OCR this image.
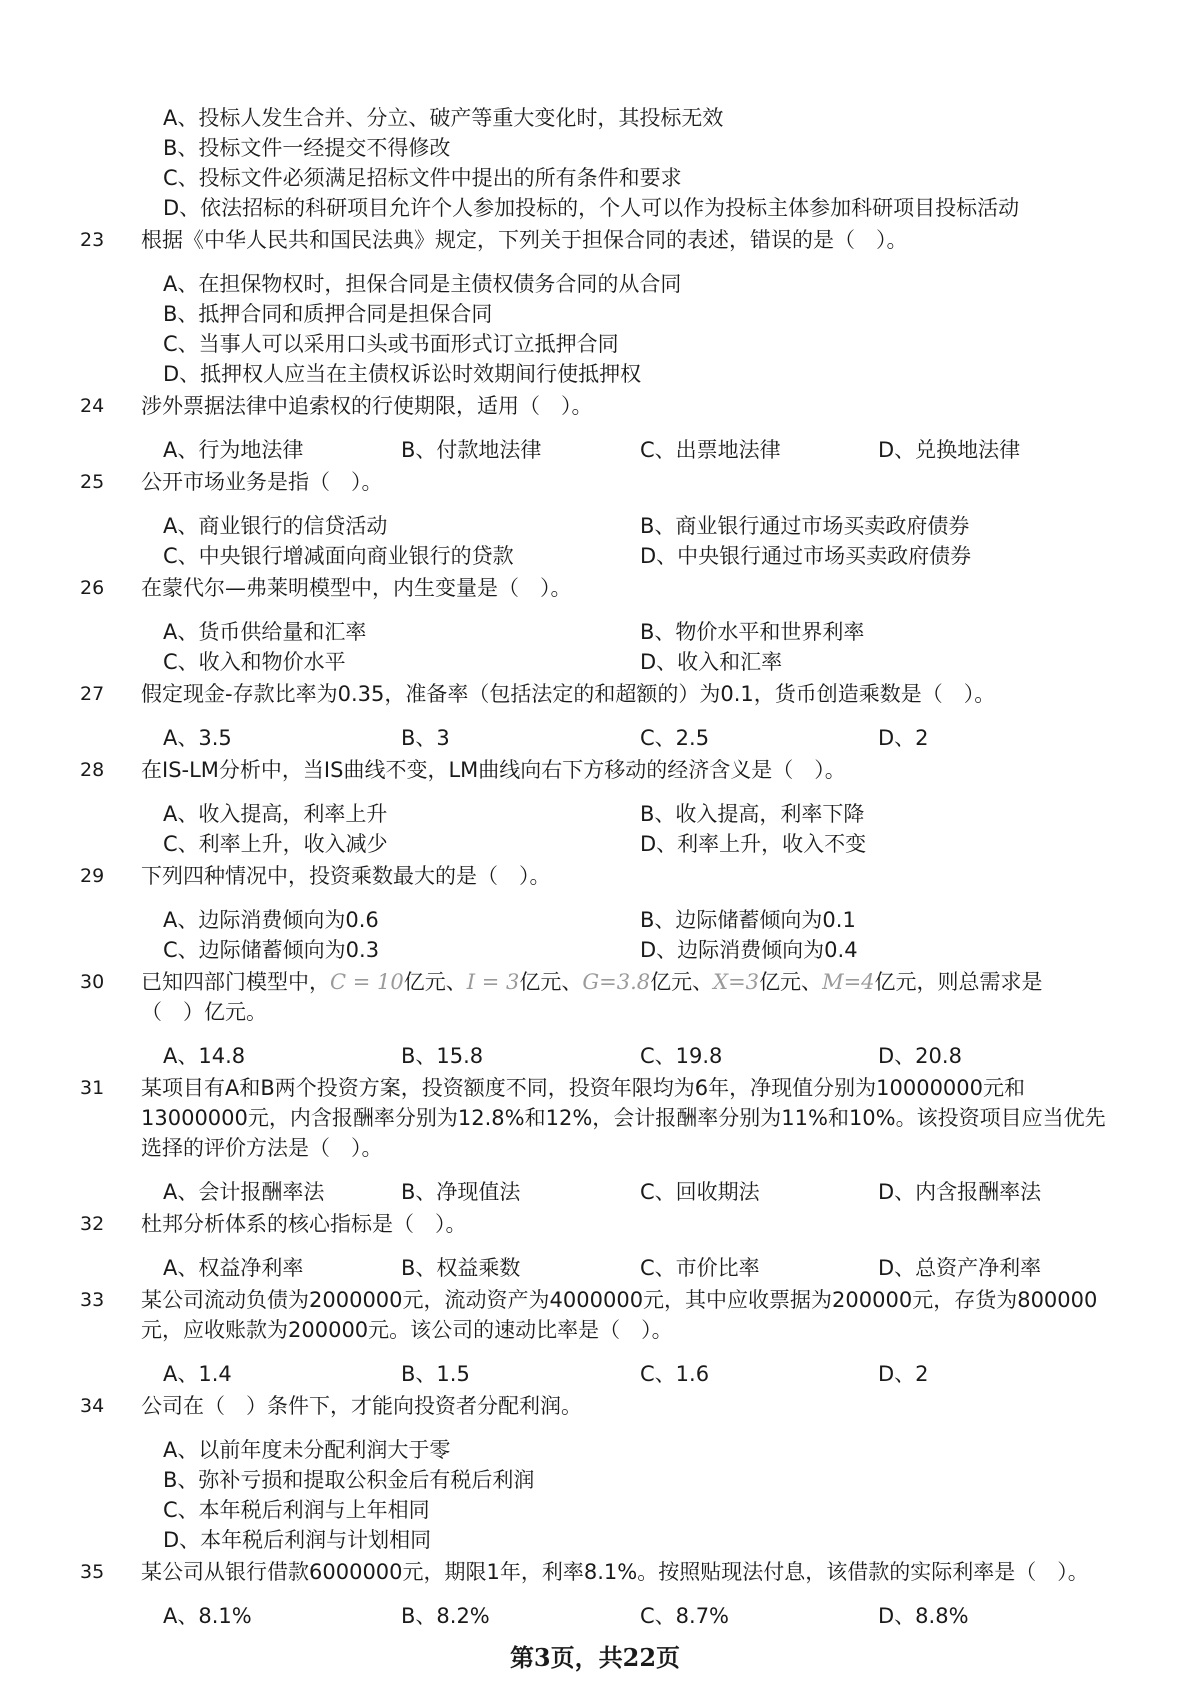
A、投标人发生合并、分立、破产等重大变化时，其投标无效
B、投标文件一经提交不得修改
C、投标文件必须满足招标文件中提出的所有条件和要求
D、依法招标的科研项目允许个人参加投标的，个人可以作为投标主体参加科研项目投标活动
23 根据《中华人民共和国民法典》规定，下列关于担保合同的表述，错误的是（　）。
A、在担保物权时，担保合同是主债权债务合同的从合同
B、抵押合同和质押合同是担保合同
C、当事人可以采用口头或书面形式订立抵押合同
D、抵押权人应当在主债权诉讼时效期间行使抵押权
24 涉外票据法律中追索权的行使期限，适用（　）。
A、行为地法律	B、付款地法律	C、出票地法律	D、兑换地法律
25 公开市场业务是指（　）。
A、商业银行的信贷活动	B、商业银行通过市场买卖政府债券
C、中央银行增减面向商业银行的贷款	D、中央银行通过市场买卖政府债券
26 在蒙代尔—弗莱明模型中，内生变量是（　）。
A、货币供给量和汇率	B、物价水平和世界利率
C、收入和物价水平	D、收入和汇率
27 假定现金-存款比率为0.35，准备率（包括法定的和超额的）为0.1，货币创造乘数是（　）。
A、3.5	B、3	C、2.5	D、2
28 在IS-LM分析中，当IS曲线不变，LM曲线向右下方移动的经济含义是（　）。
A、收入提高，利率上升	B、收入提高，利率下降
C、利率上升，收入减少	D、利率上升，收入不变
29 下列四种情况中，投资乘数最大的是（　）。
A、边际消费倾向为0.6	B、边际储蓄倾向为0.1
C、边际储蓄倾向为0.3	D、边际消费倾向为0.4
30 已知四部门模型中，C = 10亿元、I = 3亿元、G=3.8亿元、X=3亿元、M=4亿元，则总需求是
（　）亿元。
A、14.8	B、15.8	C、19.8	D、20.8
31 某项目有A和B两个投资方案，投资额度不同，投资年限均为6年，净现值分别为10000000元和
13000000元，内含报酬率分别为12.8%和12%，会计报酬率分别为11%和10%。该投资项目应当优先
选择的评价方法是（　）。
A、会计报酬率法	B、净现值法	C、回收期法	D、内含报酬率法
32 杜邦分析体系的核心指标是（　）。
A、权益净利率	B、权益乘数	C、市价比率	D、总资产净利率
33 某公司流动负债为2000000元，流动资产为4000000元，其中应收票据为200000元，存货为800000
元，应收账款为200000元。该公司的速动比率是（　）。
A、1.4	B、1.5	C、1.6	D、2
34 公司在（　）条件下，才能向投资者分配利润。
A、以前年度未分配利润大于零
B、弥补亏损和提取公积金后有税后利润
C、本年税后利润与上年相同
D、本年税后利润与计划相同
35 某公司从银行借款6000000元，期限1年，利率8.1%。按照贴现法付息，该借款的实际利率是（　）。
A、8.1%	B、8.2%	C、8.7%	D、8.8%
第3页，共22页
